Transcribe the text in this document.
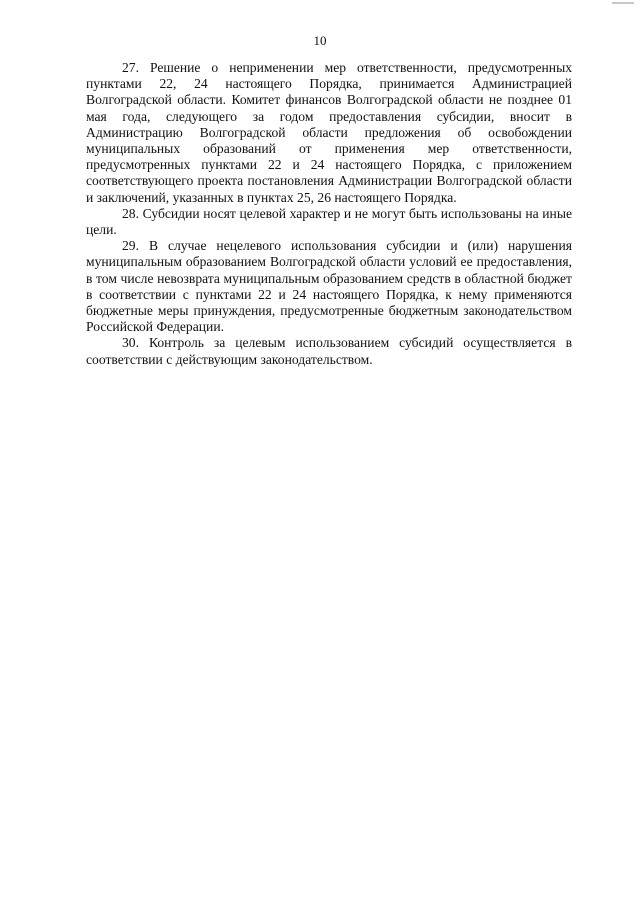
10

27. Решение о неприменении мер ответственности, предусмотренных пунктами 22, 24 настоящего Порядка, принимается Администрацией Волгоградской области. Комитет финансов Волгоградской области не позднее 01 мая года, следующего за годом предоставления субсидии, вносит в Администрацию Волгоградской области предложения об освобождении муниципальных образований от применения мер ответственности, предусмотренных пунктами 22 и 24 настоящего Порядка, с приложением соответствующего проекта постановления Администрации Волгоградской области и заключений, указанных в пунктах 25, 26 настоящего Порядка.

28. Субсидии носят целевой характер и не могут быть использованы на иные цели.

29. В случае нецелевого использования субсидии и (или) нарушения муниципальным образованием Волгоградской области условий ее предоставления, в том числе невозврата муниципальным образованием средств в областной бюджет в соответствии с пунктами 22 и 24 настоящего Порядка, к нему применяются бюджетные меры принуждения, предусмотренные бюджетным законодательством Российской Федерации.

30. Контроль за целевым использованием субсидий осуществляется в соответствии с действующим законодательством.
